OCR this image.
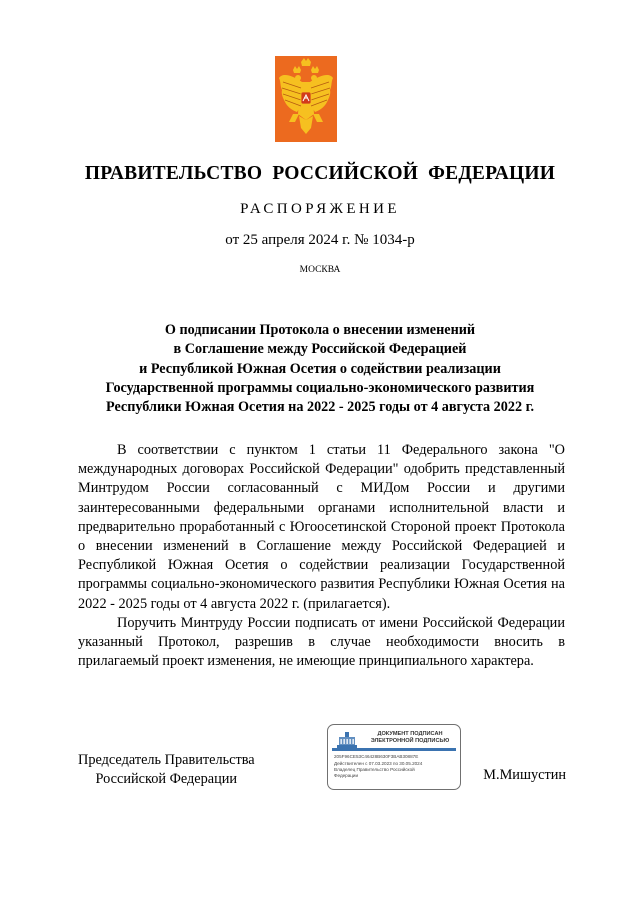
ПРАВИТЕЛЬСТВО РОССИЙСКОЙ ФЕДЕРАЦИИ
РАСПОРЯЖЕНИЕ
от 25 апреля 2024 г. № 1034-р
МОСКВА
О подписании Протокола о внесении изменений
в Соглашение между Российской Федерацией
и Республикой Южная Осетия о содействии реализации
Государственной программы социально-экономического развития
Республики Южная Осетия на 2022 - 2025 годы от 4 августа 2022 г.

В соответствии с пунктом 1 статьи 11 Федерального закона "О международных договорах Российской Федерации" одобрить представленный Минтрудом России согласованный с МИДом России и другими заинтересованными федеральными органами исполнительной власти и предварительно проработанный с Югоосетинской Стороной проект Протокола о внесении изменений в Соглашение между Российской Федерацией и Республикой Южная Осетия о содействии реализации Государственной программы социально-экономического развития Республики Южная Осетия на 2022 - 2025 годы от 4 августа 2022 г. (прилагается).

Поручить Минтруду России подписать от имени Российской Федерации указанный Протокол, разрешив в случае необходимости вносить в прилагаемый проект изменения, не имеющие принципиального характера.

Председатель Правительства
Российской Федерации
ДОКУМЕНТ ПОДПИСАН
ЭЛЕКТРОННОЙ ПОДПИСЬЮ
205F96CE53C46428B630F3BAB30887E
Действителен с 07.03.2023 по 30.05.2024
Владелец Правительство Российской
Федерации	М.Мишустин
